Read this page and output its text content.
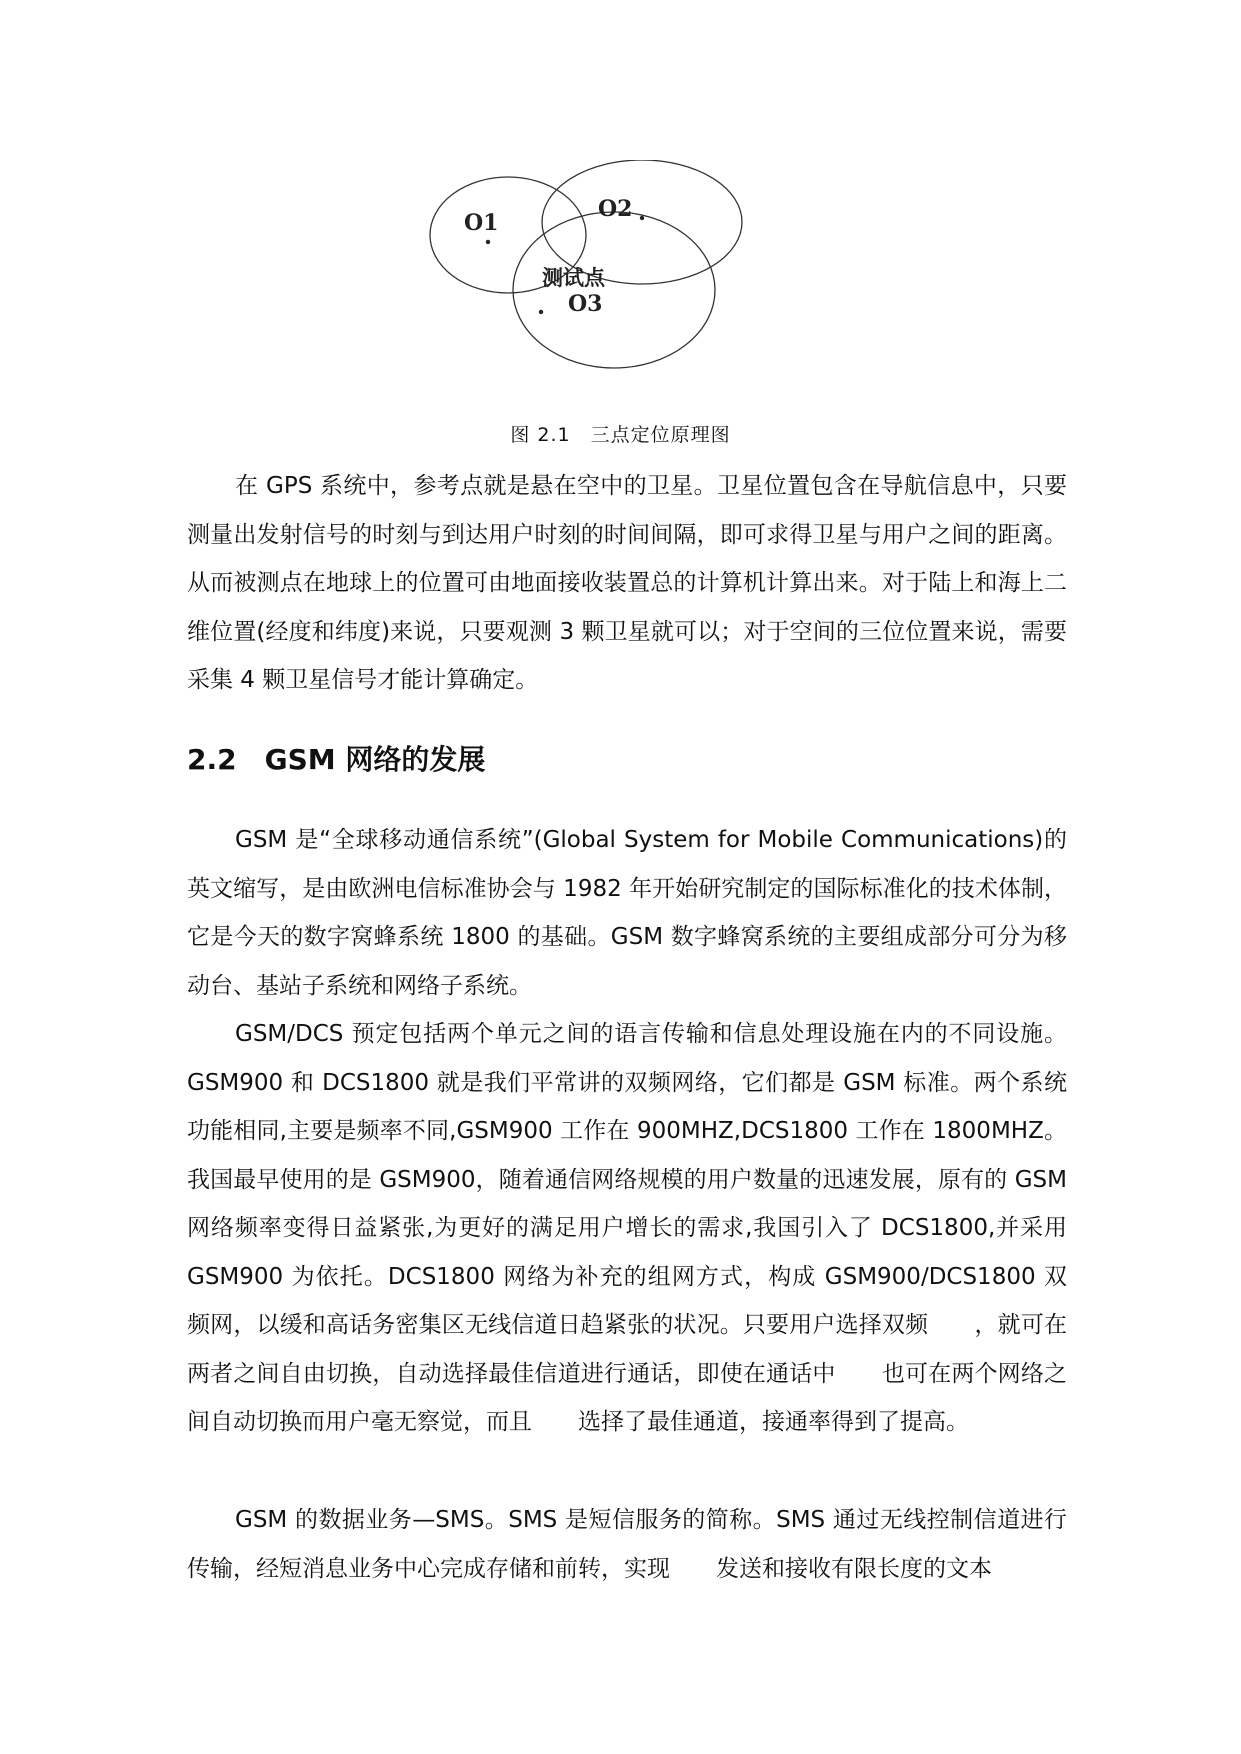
O1
O2
测试点
O3
图 2.1　三点定位原理图

在 GPS 系统中，参考点就是悬在空中的卫星。卫星位置包含在导航信息中，只要测量出发射信号的时刻与到达用户时刻的时间间隔，即可求得卫星与用户之间的距离。从而被测点在地球上的位置可由地面接收装置总的计算机计算出来。对于陆上和海上二维位置(经度和纬度)来说，只要观测 3 颗卫星就可以；对于空间的三位位置来说，需要采集 4 颗卫星信号才能计算确定。

2.2 GSM 网络的发展

GSM 是“全球移动通信系统”(Global System for Mobile Communications)的英文缩写，是由欧洲电信标准协会与 1982 年开始研究制定的国际标准化的技术体制，它是今天的数字窝蜂系统 1800 的基础。GSM 数字蜂窝系统的主要组成部分可分为移动台、基站子系统和网络子系统。

GSM/DCS 预定包括两个单元之间的语言传输和信息处理设施在内的不同设施。GSM900 和 DCS1800 就是我们平常讲的双频网络，它们都是 GSM 标准。两个系统功能相同,主要是频率不同,GSM900 工作在 900MHZ,DCS1800 工作在 1800MHZ。我国最早使用的是 GSM900，随着通信网络规模的用户数量的迅速发展，原有的 GSM 网络频率变得日益紧张,为更好的满足用户增长的需求,我国引入了 DCS1800,并采用 GSM900 为依托。DCS1800 网络为补充的组网方式，构成 GSM900/DCS1800 双频网，以缓和高话务密集区无线信道日趋紧张的状况。只要用户选择双频　　，就可在两者之间自由切换，自动选择最佳信道进行通话，即使在通话中　　也可在两个网络之间自动切换而用户毫无察觉，而且　　选择了最佳通道，接通率得到了提高。

GSM 的数据业务—SMS。SMS 是短信服务的简称。SMS 通过无线控制信道进行传输，经短消息业务中心完成存储和前转，实现　　发送和接收有限长度的文本
